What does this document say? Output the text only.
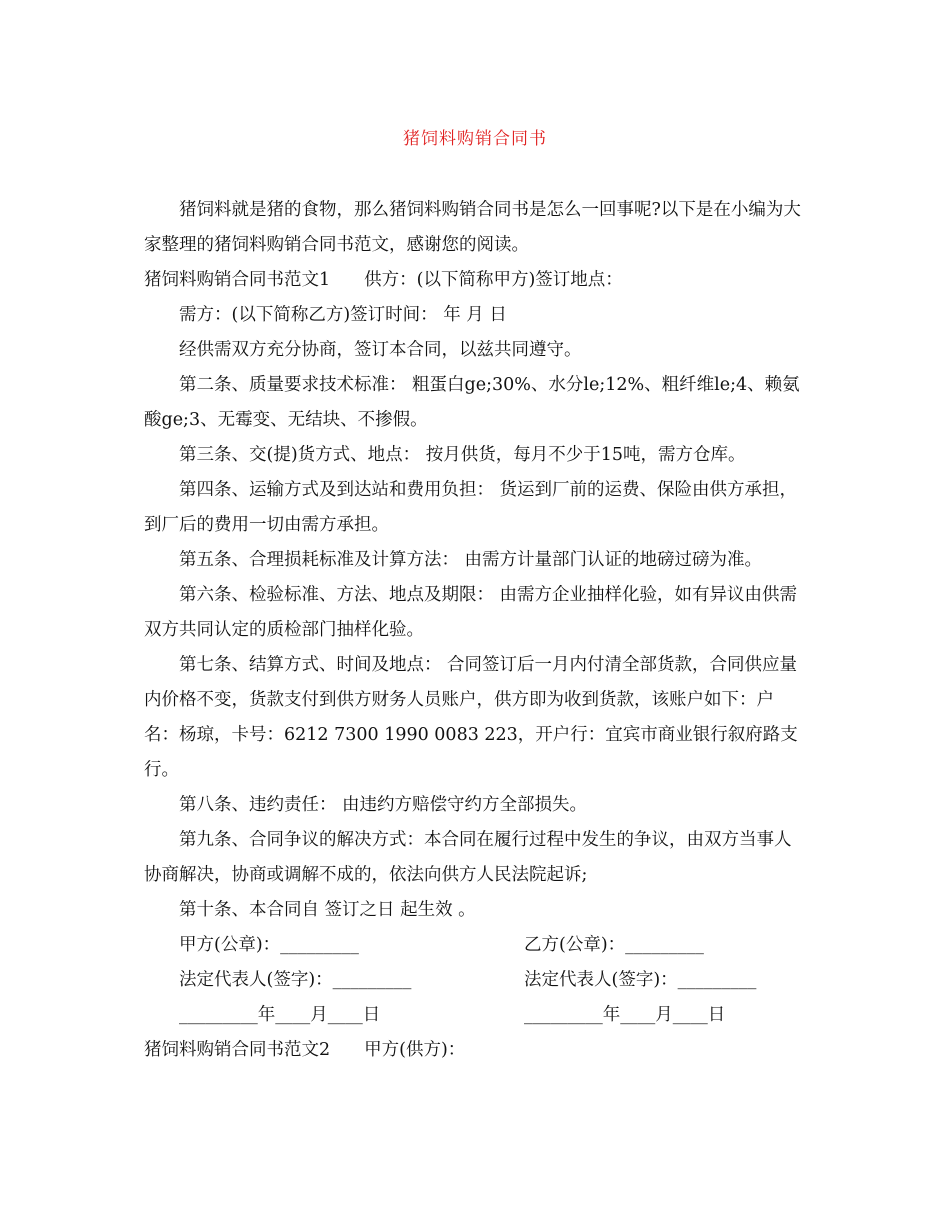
猪饲料购销合同书

猪饲料就是猪的食物，那么猪饲料购销合同书是怎么一回事呢?以下是在小编为大家整理的猪饲料购销合同书范文，感谢您的阅读。

猪饲料购销合同书范文1 供方：(以下简称甲方)签订地点：

需方：(以下简称乙方)签订时间： 年 月 日

经供需双方充分协商，签订本合同，以兹共同遵守。

第二条、质量要求技术标准： 粗蛋白ge;30%、水分le;12%、粗纤维le;4、赖氨酸ge;3、无霉变、无结块、不掺假。

第三条、交(提)货方式、地点： 按月供货，每月不少于15吨，需方仓库。

第四条、运输方式及到达站和费用负担： 货运到厂前的运费、保险由供方承担，到厂后的费用一切由需方承担。

第五条、合理损耗标准及计算方法： 由需方计量部门认证的地磅过磅为准。

第六条、检验标准、方法、地点及期限： 由需方企业抽样化验，如有异议由供需双方共同认定的质检部门抽样化验。

第七条、结算方式、时间及地点： 合同签订后一月内付清全部货款，合同供应量内价格不变，货款支付到供方财务人员账户，供方即为收到货款，该账户如下：户名：杨琼，卡号：6212 7300 1990 0083 223，开户行：宜宾市商业银行叙府路支行。

第八条、违约责任： 由违约方赔偿守约方全部损失。

第九条、合同争议的解决方式：本合同在履行过程中发生的争议，由双方当事人协商解决，协商或调解不成的，依法向供方人民法院起诉;

第十条、本合同自 签订之日 起生效 。

甲方(公章)：_________	乙方(公章)：_________
法定代表人(签字)：_________	法定代表人(签字)：_________
_________年____月____日	_________年____月____日

猪饲料购销合同书范文2 甲方(供方)：
